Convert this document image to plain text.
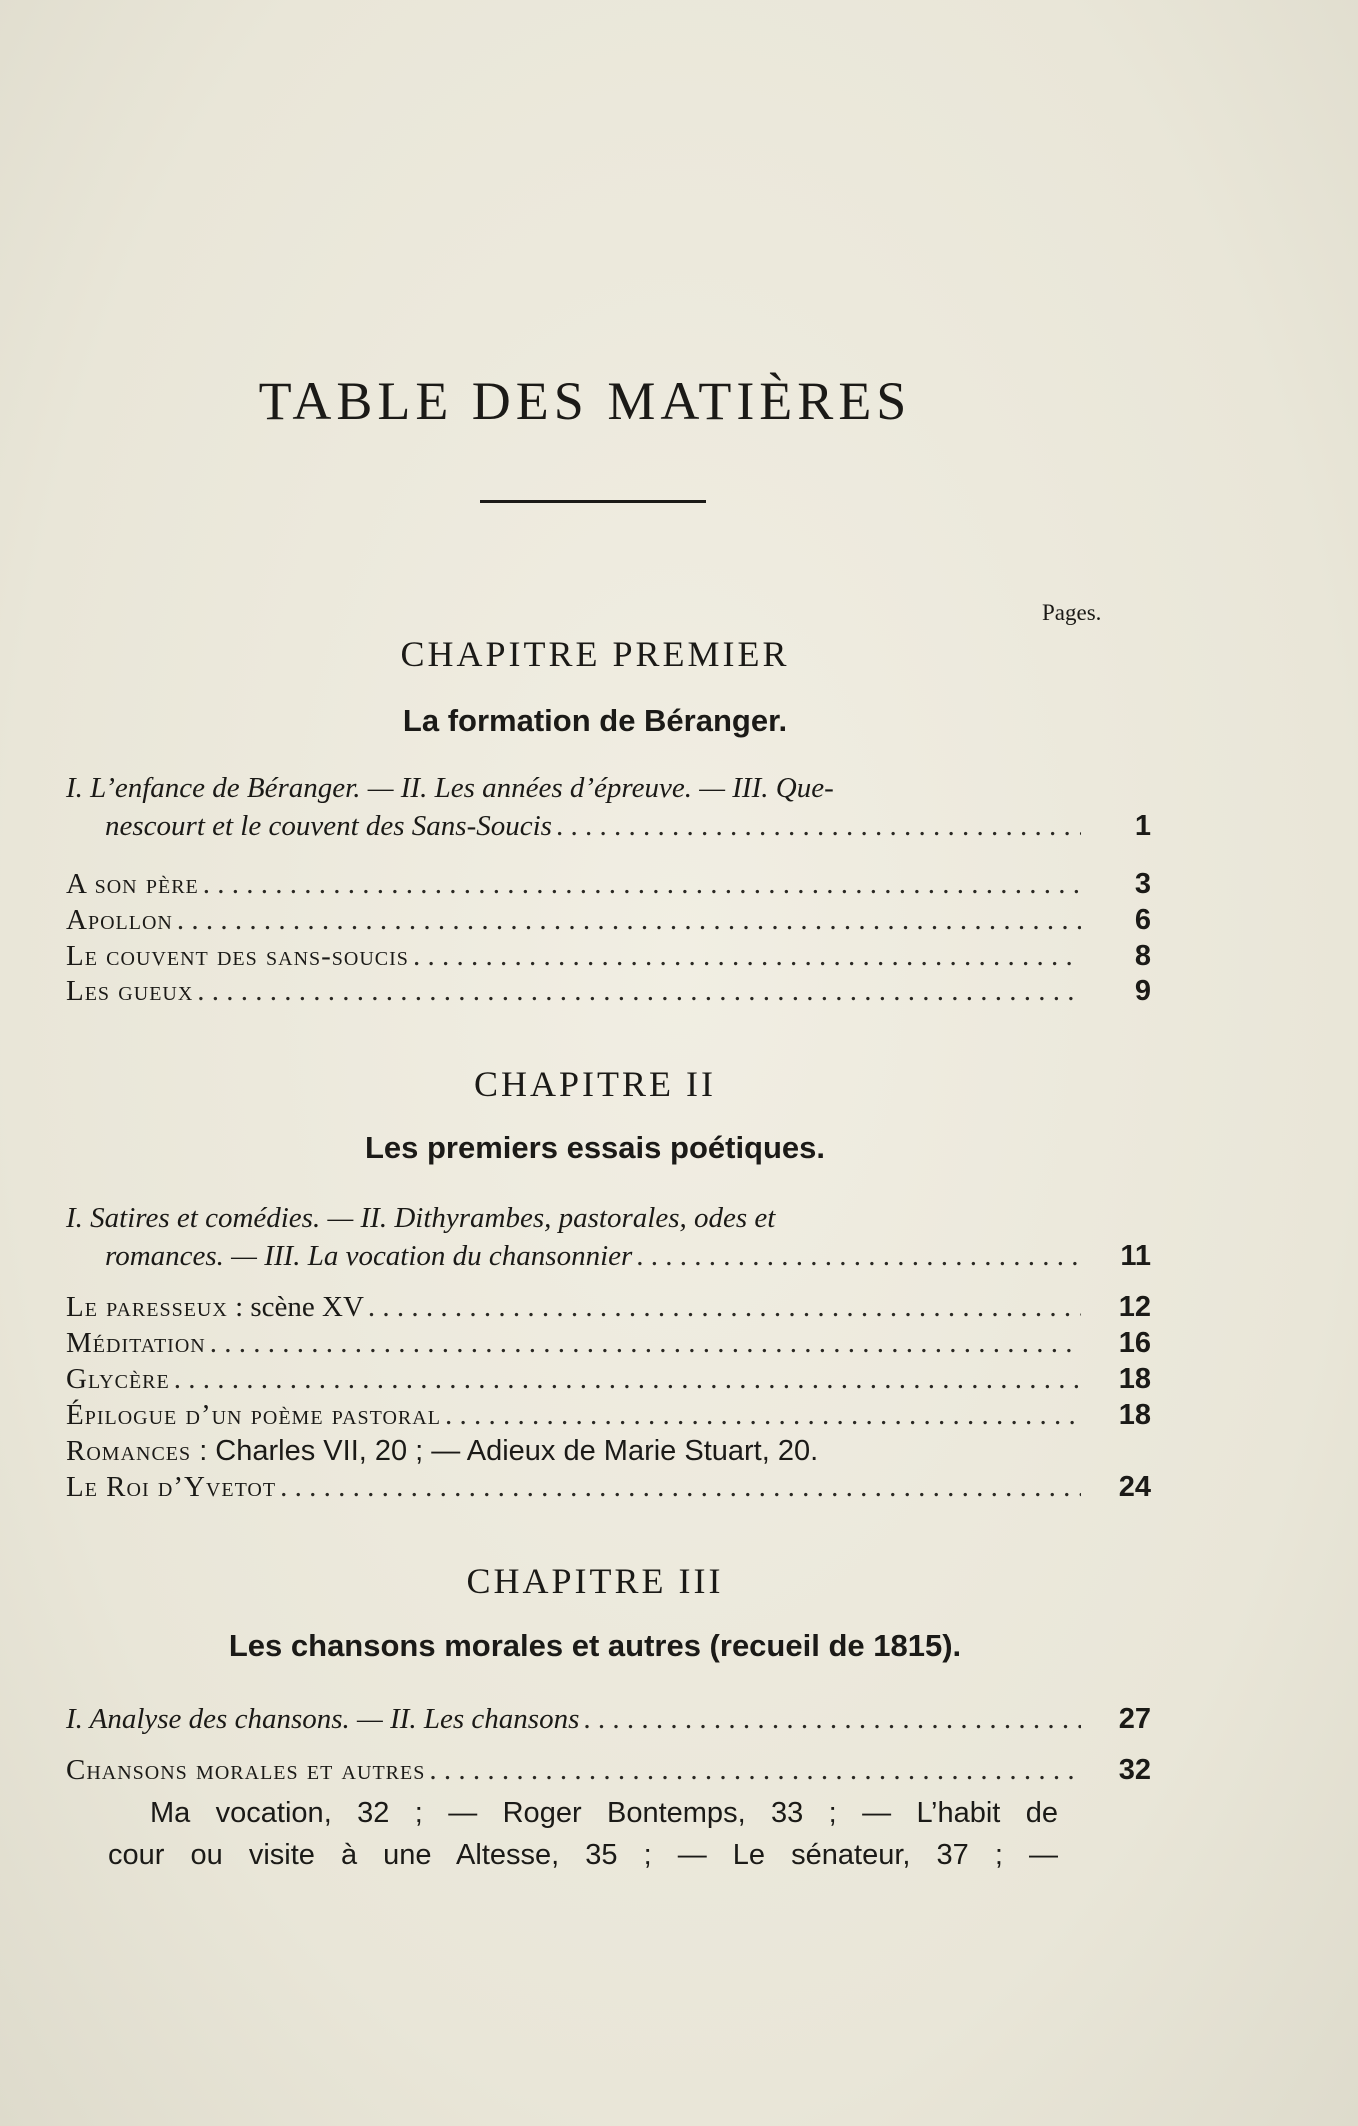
TABLE DES MATIÈRES
Pages.
CHAPITRE PREMIER
La formation de Béranger.
I. L’enfance de Béranger. — II. Les années d’épreuve. — III. Que-
nescourt et le couvent des Sans-Soucis . . .	1
A son père . . .	3
Apollon . . .	6
Le couvent des sans-soucis . . .	8
Les gueux . . .	9
CHAPITRE II
Les premiers essais poétiques.
I. Satires et comédies. — II. Dithyrambes, pastorales, odes et
romances. — III. La vocation du chansonnier . . .	11
Le paresseux : scène XV . . .	12
Méditation . . .	16
Glycère . . .	18
Épilogue d’un poème pastoral . . .	18
Romances : Charles VII, 20 ; — Adieux de Marie Stuart, 20.
Le Roi d’Yvetot . . .	24
CHAPITRE III
Les chansons morales et autres (recueil de 1815).
I. Analyse des chansons. — II. Les chansons . . .	27
Chansons morales et autres . . .	32
Ma vocation, 32 ; — Roger Bontemps, 33 ; — L’habit de
cour ou visite à une Altesse, 35 ; — Le sénateur, 37 ; —
